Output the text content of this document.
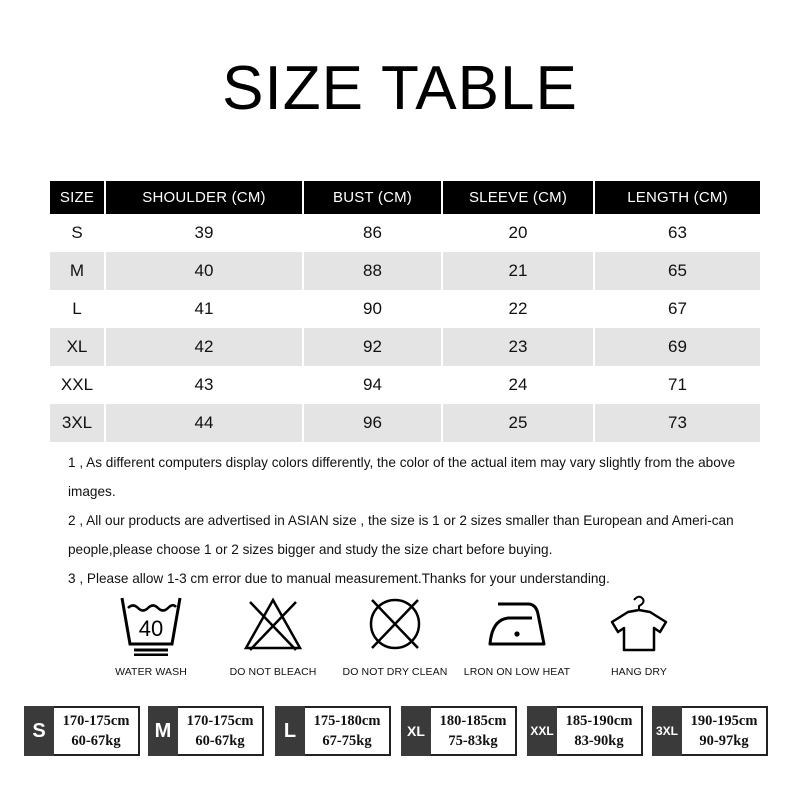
SIZE TABLE
SIZE	SHOULDER (CM)	BUST (CM)	SLEEVE (CM)	LENGTH (CM)
S	39	86	20	63
M	40	88	21	65
L	41	90	22	67
XL	42	92	23	69
XXL	43	94	24	71
3XL	44	96	25	73

1 , As different computers display colors differently, the color of the actual item may vary slightly from the above images.

2 , All our products are advertised in ASIAN size , the size is 1 or 2 sizes smaller than European and Ameri-can people,please choose 1 or 2 sizes bigger and study the size chart before buying.

3 , Please allow 1-3 cm error due to manual measurement.Thanks for your understanding.

40
WATER WASH	DO NOT BLEACH DO NOT DRY CLEAN LRON ON LOW HEAT	HANG DRY
S	170-175cm
60-67kg	M	170-175cm
60-67kg	L	175-180cm
67-75kg
XL
180-185cm
75-83kg
XXL
185-190cm
83-90kg
3XL
190-195cm
90-97kg
